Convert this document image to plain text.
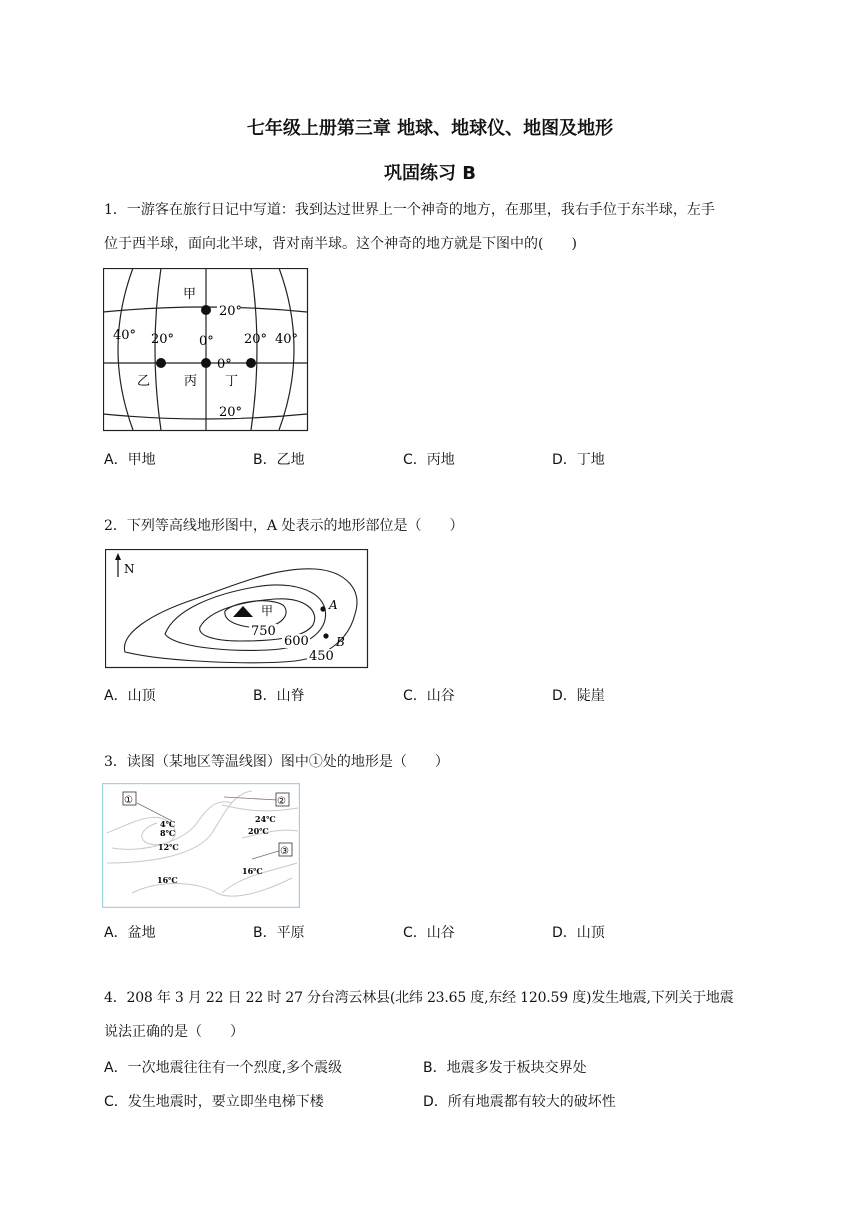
七年级上册第三章 地球、地球仪、地图及地形
巩固练习 B
1．一游客在旅行日记中写道：我到达过世界上一个神奇的地方，在那里，我右手位于东半球，左手
位于西半球，面向北半球，背对南半球。这个神奇的地方就是下图中的(　　)
甲
20°
40° 20° 0° 20° 40°
0°
乙	丙 丁
20°
A．甲地	B．乙地	C．丙地	D．丁地
2．下列等高线地形图中，A 处表示的地形部位是（　　）
N
甲	A
B
750
600
450
A．山顶	B．山脊	C．山谷	D．陡崖
3．读图（某地区等温线图）图中①处的地形是（　　）
①	②
③
4℃
8℃
12℃
16℃
24℃
20℃
16℃
A．盆地	B．平原	C．山谷	D．山顶
4．208 年 3 月 22 日 22 时 27 分台湾云林县(北纬 23.65 度,东经 120.59 度)发生地震,下列关于地震
说法正确的是（　　）
A．一次地震往往有一个烈度,多个震级	B．地震多发于板块交界处
C．发生地震时，要立即坐电梯下楼	D．所有地震都有较大的破坏性
